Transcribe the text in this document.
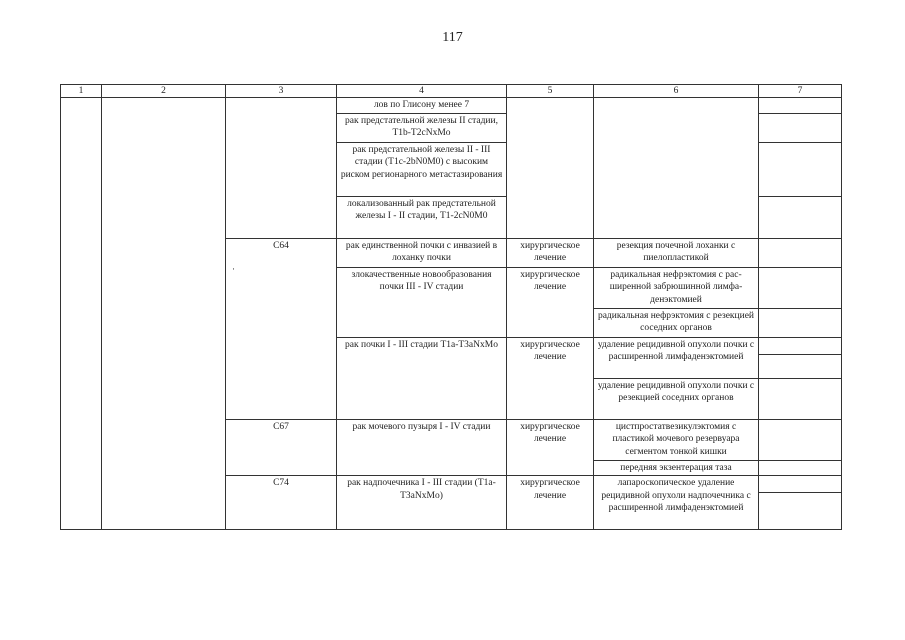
117
1	2	3	4	5	6	7
			лов по Глисону менее 7			
			рак предстательной железы II стадии, T1b-T2cNxMo			
			рак предстательной железы II - III стадии (T1c-2bN0M0) с высоким риском регионарного метастазирования			
			локализованный рак предстательной железы I - II стадии, T1-2cN0M0			
		C64	рак единственной почки с инвазией в лоханку почки	хирургическое лечение	резекция почечной лоханки с пиелопластикой	
			злокачественные новообразования почки III - IV стадии	хирургическое лечение	радикальная нефрэктомия с расширенной забрюшинной лимфаденэктомией	
					радикальная нефрэктомия с резекцией соседних органов	
			рак почки I - III стадии T1a-T3aNxMo	хирургическое лечение	удаление рецидивной опухоли почки с расширенной лимфаденэктомией	

					удаление рецидивной опухоли почки с резекцией соседних органов	
		C67	рак мочевого пузыря I - IV стадии	хирургическое лечение	цистпростатвезикулэктомия с пластикой мочевого резервуара сегментом тонкой кишки	
					передняя экзентерация таза	
		C74	рак надпочечника I - III стадии (T1a-T3aNxMo)	хирургическое лечение	лапароскопическое удаление рецидивной опухоли надпочечника с расширенной лимфаденэктомией	

·
